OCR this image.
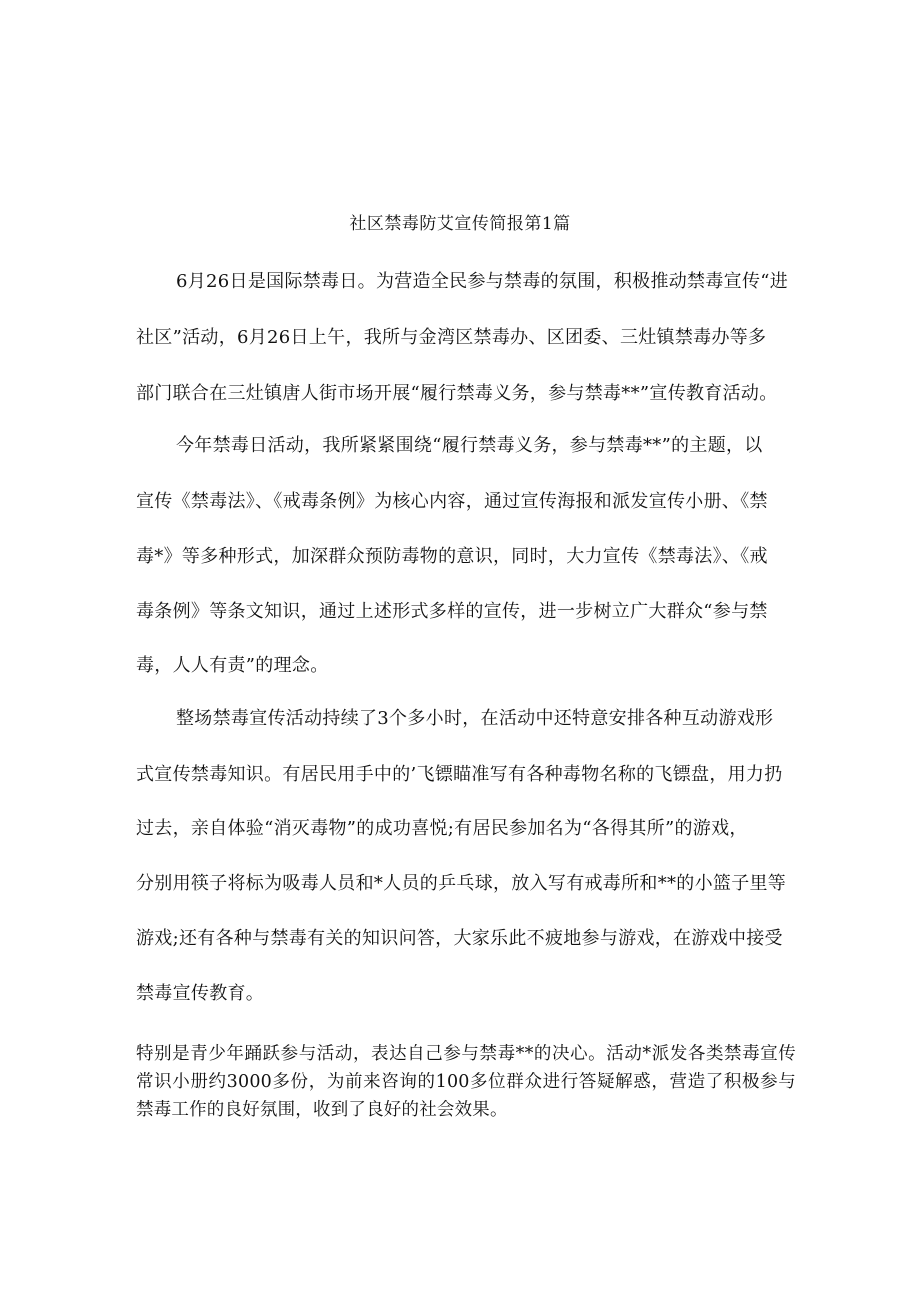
社区禁毒防艾宣传简报第1篇

6月26日是国际禁毒日。为营造全民参与禁毒的氛围，积极推动禁毒宣传“进

社区”活动，6月26日上午，我所与金湾区禁毒办、区团委、三灶镇禁毒办等多

部门联合在三灶镇唐人街市场开展“履行禁毒义务，参与禁毒**”宣传教育活动。

今年禁毒日活动，我所紧紧围绕“履行禁毒义务，参与禁毒**”的主题，以

宣传《禁毒法》、《戒毒条例》为核心内容，通过宣传海报和派发宣传小册、《禁

毒*》等多种形式，加深群众预防毒物的意识，同时，大力宣传《禁毒法》、《戒

毒条例》等条文知识，通过上述形式多样的宣传，进一步树立广大群众“参与禁

毒，人人有责”的理念。

整场禁毒宣传活动持续了3个多小时，在活动中还特意安排各种互动游戏形

式宣传禁毒知识。有居民用手中的’飞镖瞄准写有各种毒物名称的飞镖盘，用力扔

过去，亲自体验“消灭毒物”的成功喜悦;有居民参加名为“各得其所”的游戏，

分别用筷子将标为吸毒人员和*人员的乒乓球，放入写有戒毒所和**的小篮子里等

游戏;还有各种与禁毒有关的知识问答，大家乐此不疲地参与游戏，在游戏中接受

禁毒宣传教育。

特别是青少年踊跃参与活动，表达自己参与禁毒**的决心。活动*派发各类禁毒宣传常识小册约3000多份，为前来咨询的100多位群众进行答疑解惑，营造了积极参与禁毒工作的良好氛围，收到了良好的社会效果。
